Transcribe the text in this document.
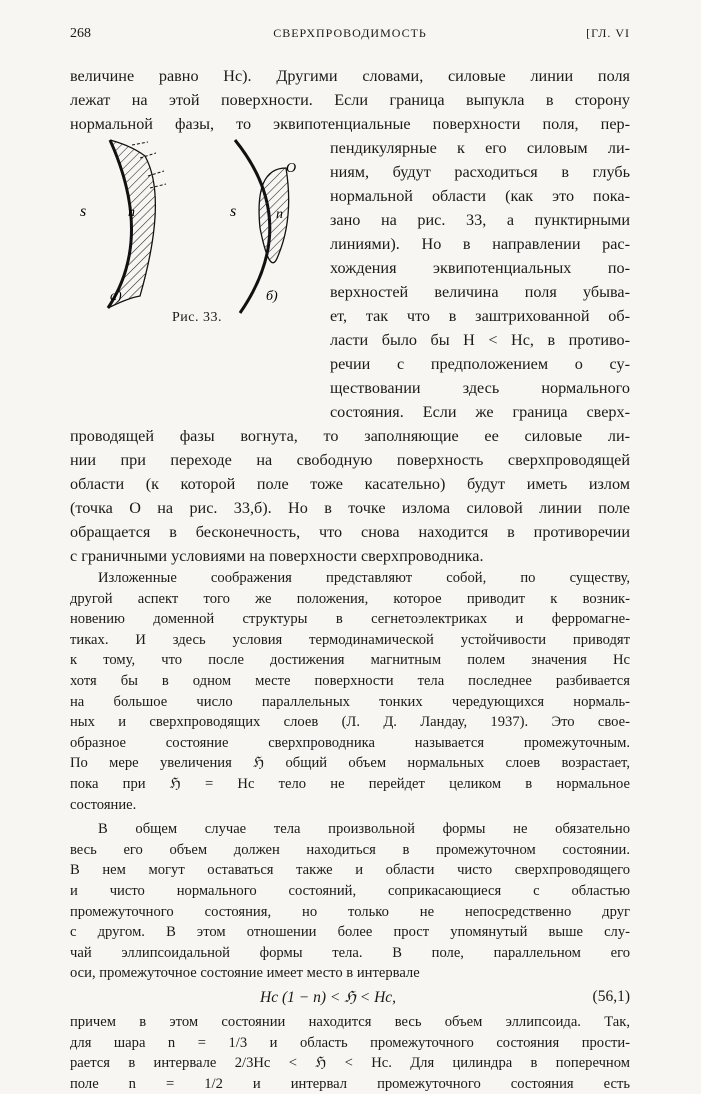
268	СВЕРХПРОВОДИМОСТЬ	[ГЛ. VI
s	n
а)
s	n
O
б)
Рис. 33.
величине равно Hc). Другими словами, силовые линии поля
лежат на этой поверхности. Если граница выпукла в сторону
нормальной фазы, то эквипотенциальные поверхности поля, пер-
пендикулярные к его силовым ли-
ниям, будут расходиться в глубь
нормальной области (как это пока-
зано на рис. 33, а пунктирными
линиями). Но в направлении рас-
хождения эквипотенциальных по-
верхностей величина поля убыва-
ет, так что в заштрихованной об-
ласти было бы H < Hc, в противо-
речии с предположением о су-
ществовании здесь нормального
состояния. Если же граница сверх-
проводящей фазы вогнута, то заполняющие ее силовые ли-
нии при переходе на свободную поверхность сверхпроводящей
области (к которой поле тоже касательно) будут иметь излом
(точка O на рис. 33,б). Но в точке излома силовой линии поле
обращается в бесконечность, что снова находится в противоречии
с граничными условиями на поверхности сверхпроводника.
Изложенные соображения представляют собой, по существу,
другой аспект того же положения, которое приводит к возник-
новению доменной структуры в сегнетоэлектриках и ферромагне-
тиках. И здесь условия термодинамической устойчивости приводят
к тому, что после достижения магнитным полем значения Hc
хотя бы в одном месте поверхности тела последнее разбивается
на большое число параллельных тонких чередующихся нормаль-
ных и сверхпроводящих слоев (Л. Д. Ландау, 1937). Это свое-
образное состояние сверхпроводника называется промежуточным.
По мере увеличения ℌ общий объем нормальных слоев возрастает,
пока при ℌ = Hc тело не перейдет целиком в нормальное
состояние.
В общем случае тела произвольной формы не обязательно
весь его объем должен находиться в промежуточном состоянии.
В нем могут оставаться также и области чисто сверхпроводящего
и чисто нормального состояний, соприкасающиеся с областью
промежуточного состояния, но только не непосредственно друг
с другом. В этом отношении более прост упомянутый выше слу-
чай эллипсоидальной формы тела. В поле, параллельном его
оси, промежуточное состояние имеет место в интервале
Hc (1 − n) < ℌ < Hc,	(56,1)
причем в этом состоянии находится весь объем эллипсоида. Так,
для шара n = 1/3 и область промежуточного состояния прости-
рается в интервале 2/3Hc < ℌ < Hc. Для цилиндра в поперечном
поле n = 1/2 и интервал промежуточного состояния есть
